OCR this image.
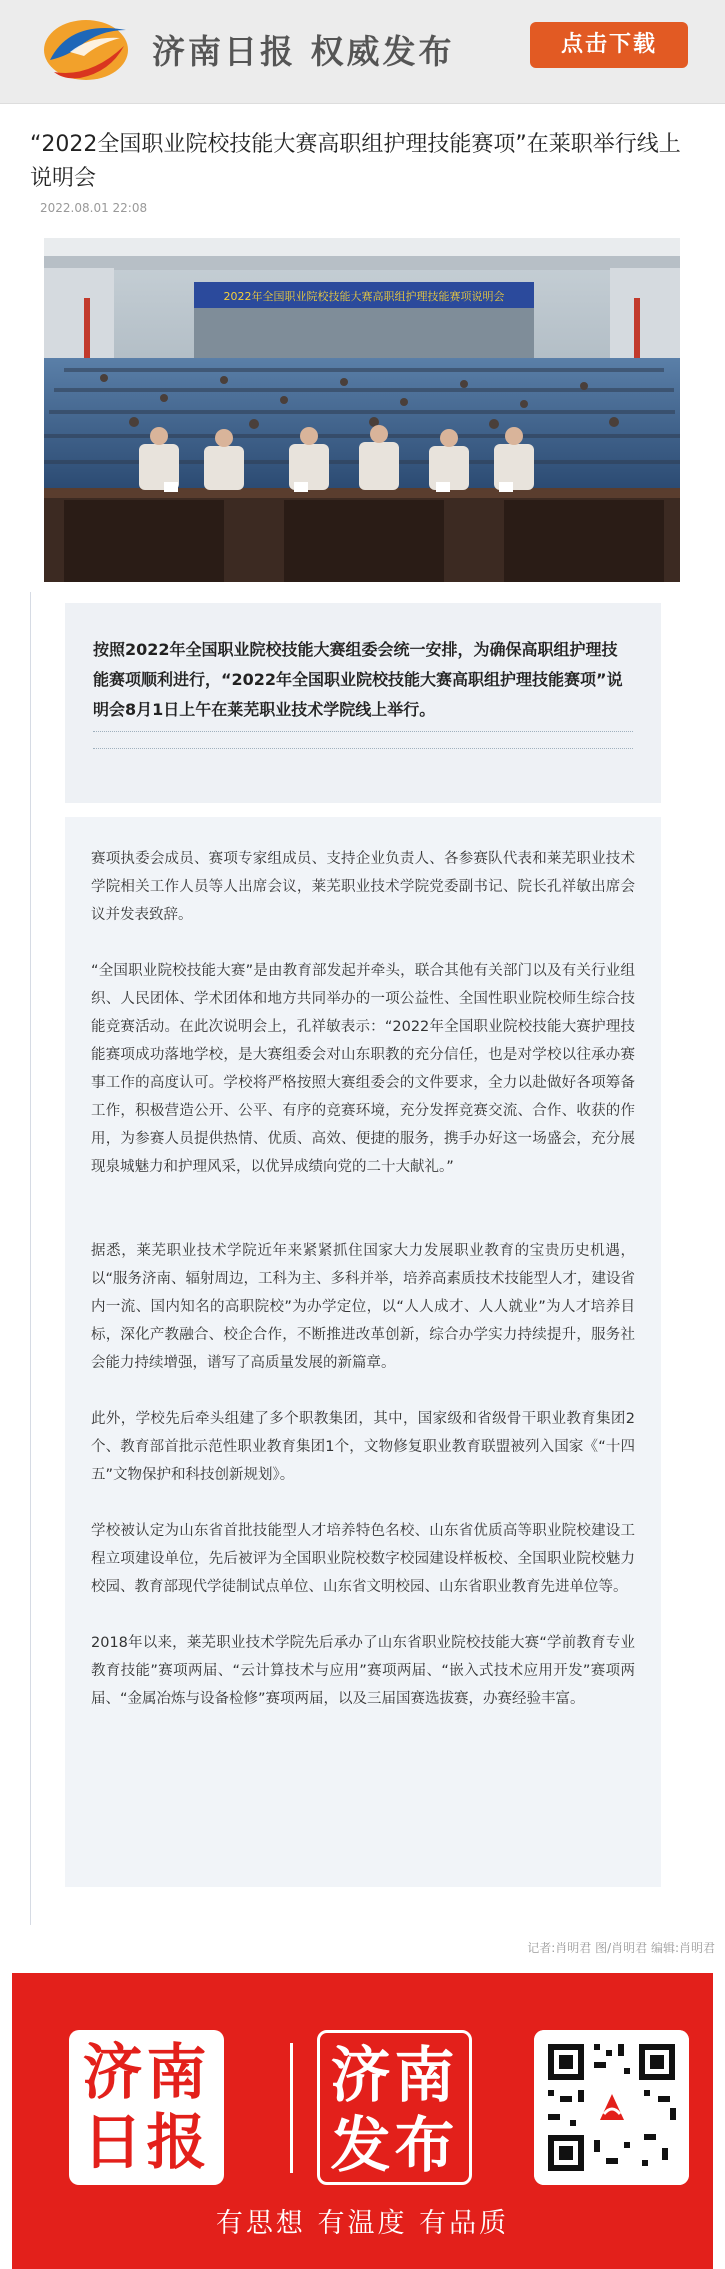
济南日报 权威发布	点击下载
“2022全国职业院校技能大赛高职组护理技能赛项”在莱职举行线上说明会
2022.08.01 22:08
2022年全国职业院校技能大赛高职组护理技能赛项说明会

按照2022年全国职业院校技能大赛组委会统一安排，为确保高职组护理技能赛项顺利进行，“2022年全国职业院校技能大赛高职组护理技能赛项”说明会8月1日上午在莱芜职业技术学院线上举行。

赛项执委会成员、赛项专家组成员、支持企业负责人、各参赛队代表和莱芜职业技术学院相关工作人员等人出席会议，莱芜职业技术学院党委副书记、院长孔祥敏出席会议并发表致辞。

“全国职业院校技能大赛”是由教育部发起并牵头，联合其他有关部门以及有关行业组织、人民团体、学术团体和地方共同举办的一项公益性、全国性职业院校师生综合技能竞赛活动。在此次说明会上，孔祥敏表示：“2022年全国职业院校技能大赛护理技能赛项成功落地学校，是大赛组委会对山东职教的充分信任，也是对学校以往承办赛事工作的高度认可。学校将严格按照大赛组委会的文件要求，全力以赴做好各项筹备工作，积极营造公开、公平、有序的竞赛环境，充分发挥竞赛交流、合作、收获的作用，为参赛人员提供热情、优质、高效、便捷的服务，携手办好这一场盛会，充分展现泉城魅力和护理风采，以优异成绩向党的二十大献礼。”

据悉，莱芜职业技术学院近年来紧紧抓住国家大力发展职业教育的宝贵历史机遇，以“服务济南、辐射周边，工科为主、多科并举，培养高素质技术技能型人才，建设省内一流、国内知名的高职院校”为办学定位，以“人人成才、人人就业”为人才培养目标，深化产教融合、校企合作，不断推进改革创新，综合办学实力持续提升，服务社会能力持续增强，谱写了高质量发展的新篇章。

此外，学校先后牵头组建了多个职教集团，其中，国家级和省级骨干职业教育集团2个、教育部首批示范性职业教育集团1个，文物修复职业教育联盟被列入国家《“十四五”文物保护和科技创新规划》。

学校被认定为山东省首批技能型人才培养特色名校、山东省优质高等职业院校建设工程立项建设单位，先后被评为全国职业院校数字校园建设样板校、全国职业院校魅力校园、教育部现代学徒制试点单位、山东省文明校园、山东省职业教育先进单位等。

2018年以来，莱芜职业技术学院先后承办了山东省职业院校技能大赛“学前教育专业教育技能”赛项两届、“云计算技术与应用”赛项两届、“嵌入式技术应用开发”赛项两届、“金属冶炼与设备检修”赛项两届，以及三届国赛选拔赛，办赛经验丰富。

记者:肖明君 图/肖明君 编辑:肖明君
济南
日报
济南
发布
有思想 有温度 有品质
